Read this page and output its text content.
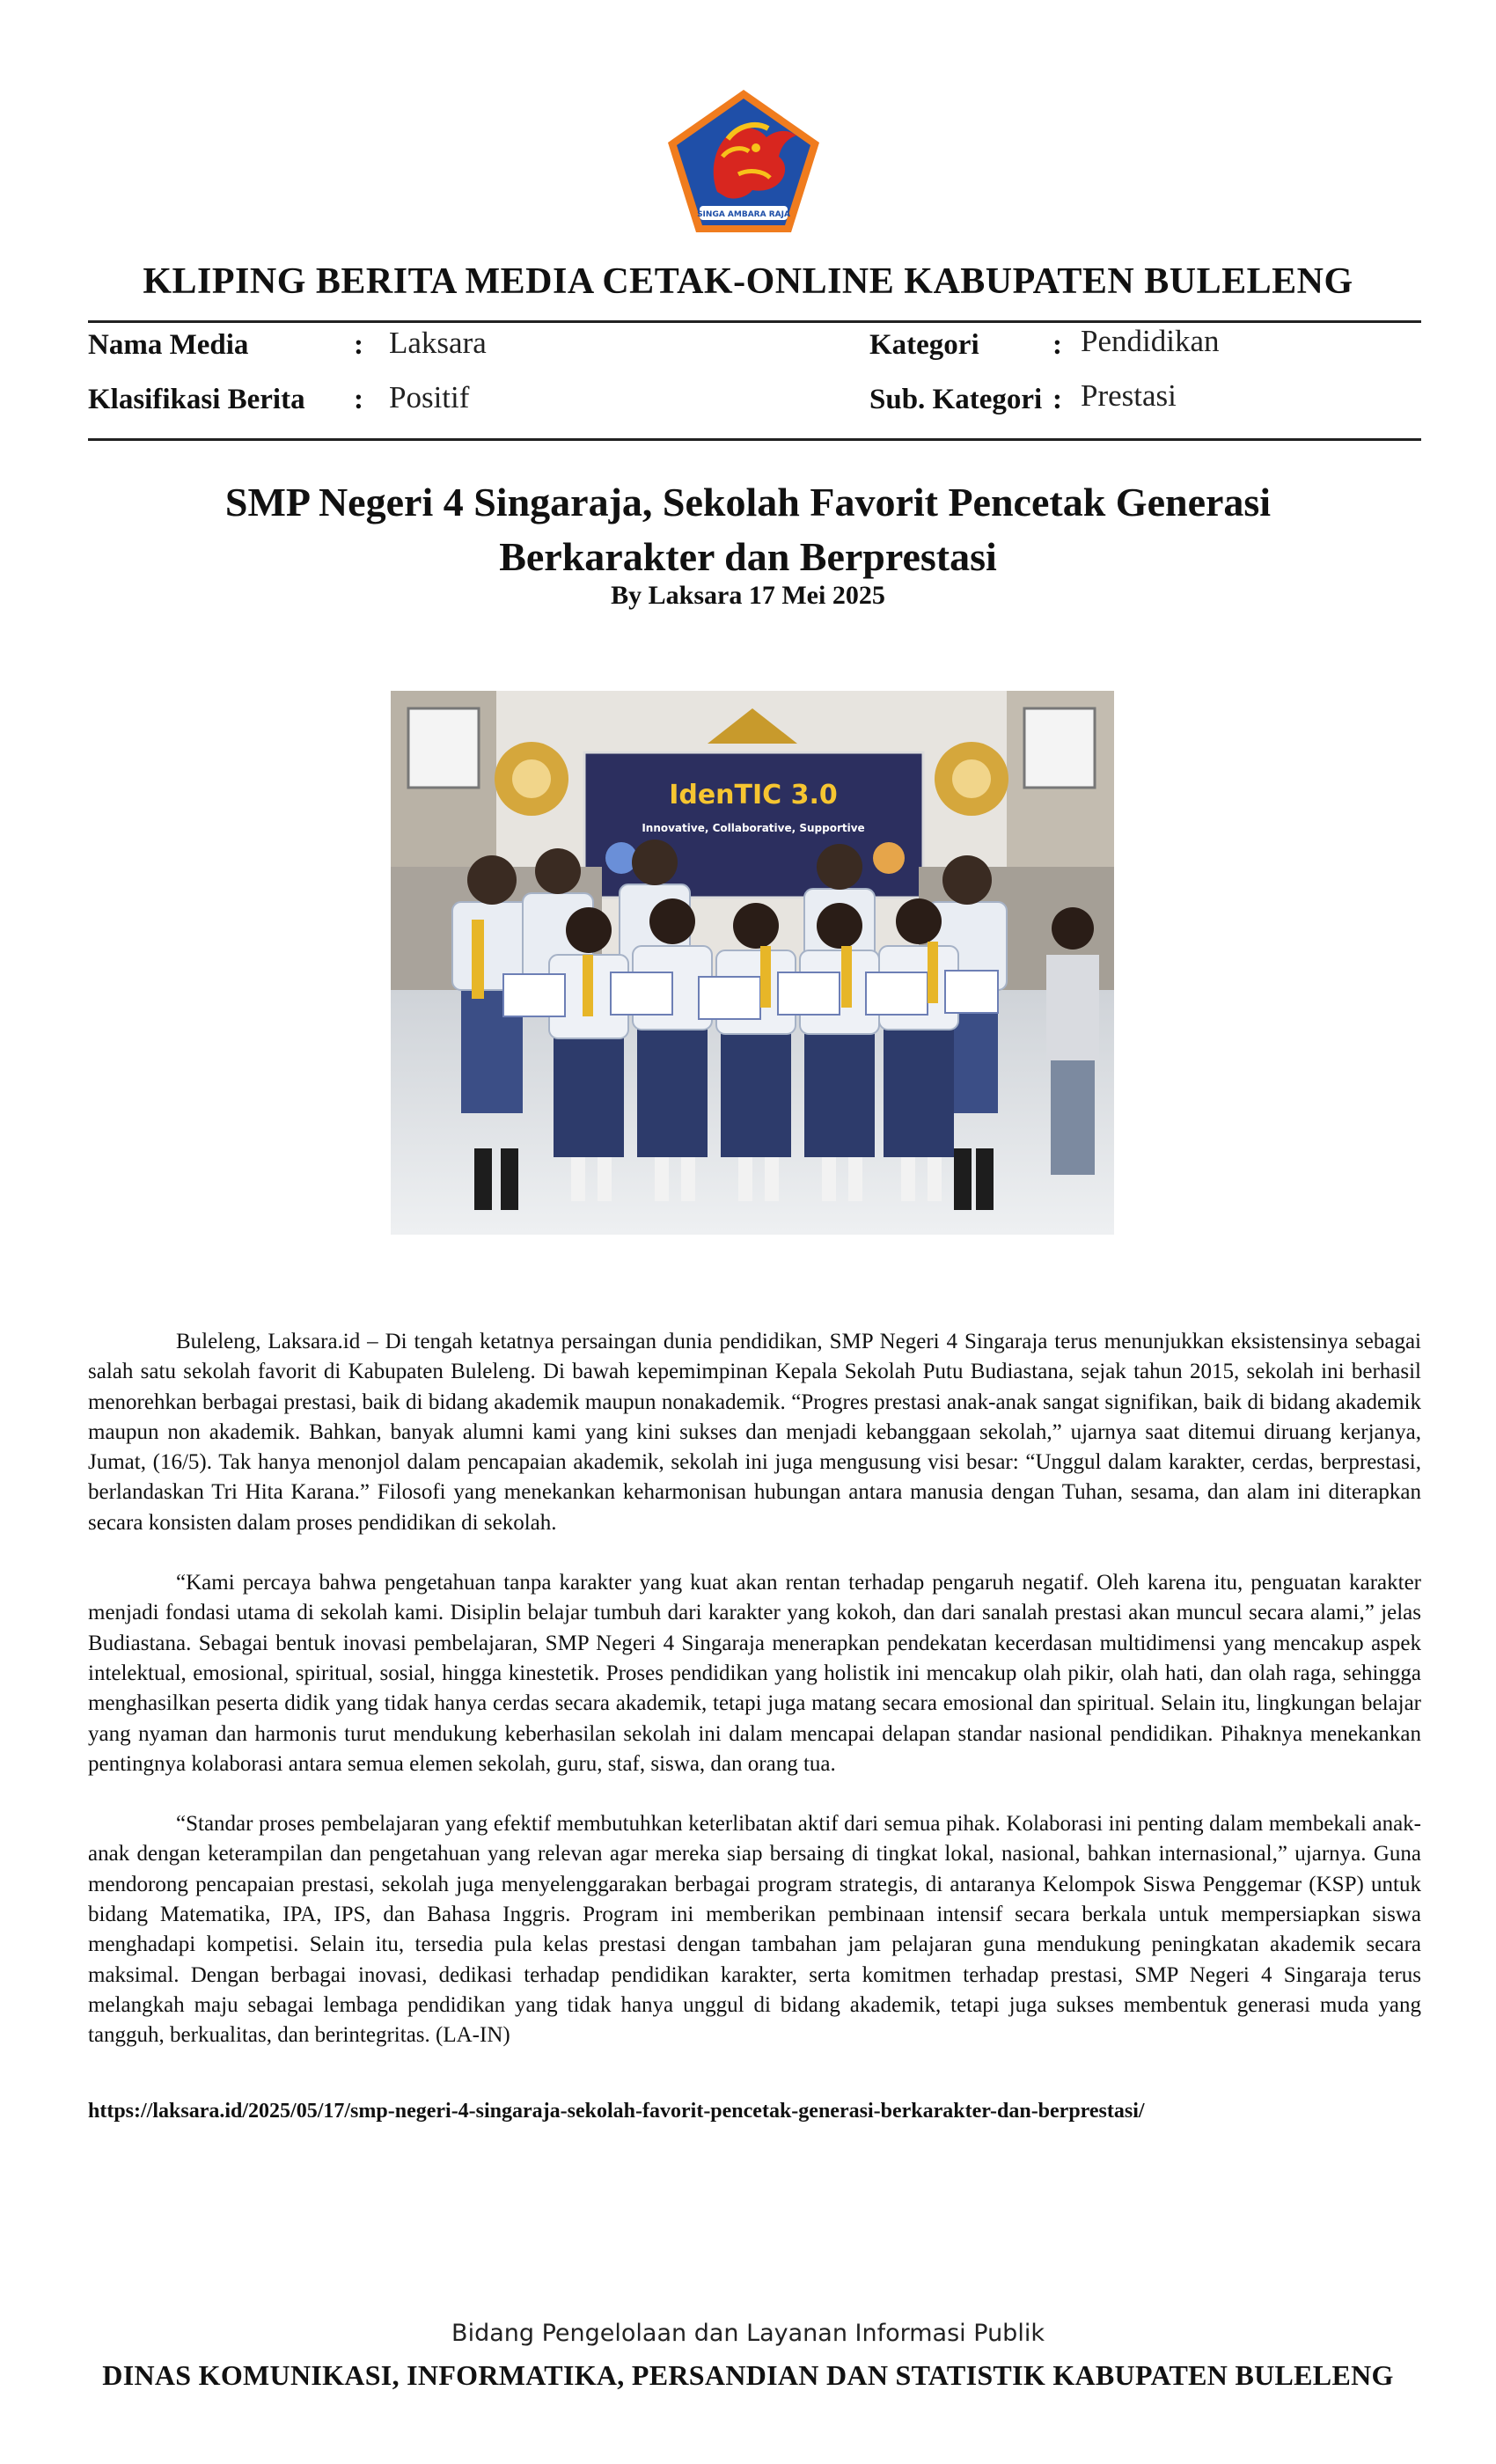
SINGA AMBARA RAJA
KLIPING BERITA MEDIA CETAK-ONLINE KABUPATEN BULELENG
Nama Media	: Laksara
Klasifikasi Berita : Positif
Kategori	: Pendidikan
Sub. Kategori : Prestasi
SMP Negeri 4 Singaraja, Sekolah Favorit Pencetak Generasi Berkarakter dan Berprestasi
By Laksara 17 Mei 2025
IdenTIC 3.0
Innovative, Collaborative, Supportive

Buleleng, Laksara.id – Di tengah ketatnya persaingan dunia pendidikan, SMP Negeri 4 Singaraja terus menunjukkan eksistensinya sebagai salah satu sekolah favorit di Kabupaten Buleleng. Di bawah kepemimpinan Kepala Sekolah Putu Budiastana, sejak tahun 2015, sekolah ini berhasil menorehkan berbagai prestasi, baik di bidang akademik maupun nonakademik. “Progres prestasi anak-anak sangat signifikan, baik di bidang akademik maupun non akademik. Bahkan, banyak alumni kami yang kini sukses dan menjadi kebanggaan sekolah,” ujarnya saat ditemui diruang kerjanya, Jumat, (16/5). Tak hanya menonjol dalam pencapaian akademik, sekolah ini juga mengusung visi besar: “Unggul dalam karakter, cerdas, berprestasi, berlandaskan Tri Hita Karana.” Filosofi yang menekankan keharmonisan hubungan antara manusia dengan Tuhan, sesama, dan alam ini diterapkan secara konsisten dalam proses pendidikan di sekolah.

“Kami percaya bahwa pengetahuan tanpa karakter yang kuat akan rentan terhadap pengaruh negatif. Oleh karena itu, penguatan karakter menjadi fondasi utama di sekolah kami. Disiplin belajar tumbuh dari karakter yang kokoh, dan dari sanalah prestasi akan muncul secara alami,” jelas Budiastana. Sebagai bentuk inovasi pembelajaran, SMP Negeri 4 Singaraja menerapkan pendekatan kecerdasan multidimensi yang mencakup aspek intelektual, emosional, spiritual, sosial, hingga kinestetik. Proses pendidikan yang holistik ini mencakup olah pikir, olah hati, dan olah raga, sehingga menghasilkan peserta didik yang tidak hanya cerdas secara akademik, tetapi juga matang secara emosional dan spiritual. Selain itu, lingkungan belajar yang nyaman dan harmonis turut mendukung keberhasilan sekolah ini dalam mencapai delapan standar nasional pendidikan. Pihaknya menekankan pentingnya kolaborasi antara semua elemen sekolah, guru, staf, siswa, dan orang tua.

“Standar proses pembelajaran yang efektif membutuhkan keterlibatan aktif dari semua pihak. Kolaborasi ini penting dalam membekali anak-anak dengan keterampilan dan pengetahuan yang relevan agar mereka siap bersaing di tingkat lokal, nasional, bahkan internasional,” ujarnya. Guna mendorong pencapaian prestasi, sekolah juga menyelenggarakan berbagai program strategis, di antaranya Kelompok Siswa Penggemar (KSP) untuk bidang Matematika, IPA, IPS, dan Bahasa Inggris. Program ini memberikan pembinaan intensif secara berkala untuk mempersiapkan siswa menghadapi kompetisi. Selain itu, tersedia pula kelas prestasi dengan tambahan jam pelajaran guna mendukung peningkatan akademik secara maksimal. Dengan berbagai inovasi, dedikasi terhadap pendidikan karakter, serta komitmen terhadap prestasi, SMP Negeri 4 Singaraja terus melangkah maju sebagai lembaga pendidikan yang tidak hanya unggul di bidang akademik, tetapi juga sukses membentuk generasi muda yang tangguh, berkualitas, dan berintegritas. (LA-IN)

https://laksara.id/2025/05/17/smp-negeri-4-singaraja-sekolah-favorit-pencetak-generasi-berkarakter-dan-berprestasi/
Bidang Pengelolaan dan Layanan Informasi Publik
DINAS KOMUNIKASI, INFORMATIKA, PERSANDIAN DAN STATISTIK KABUPATEN BULELENG
